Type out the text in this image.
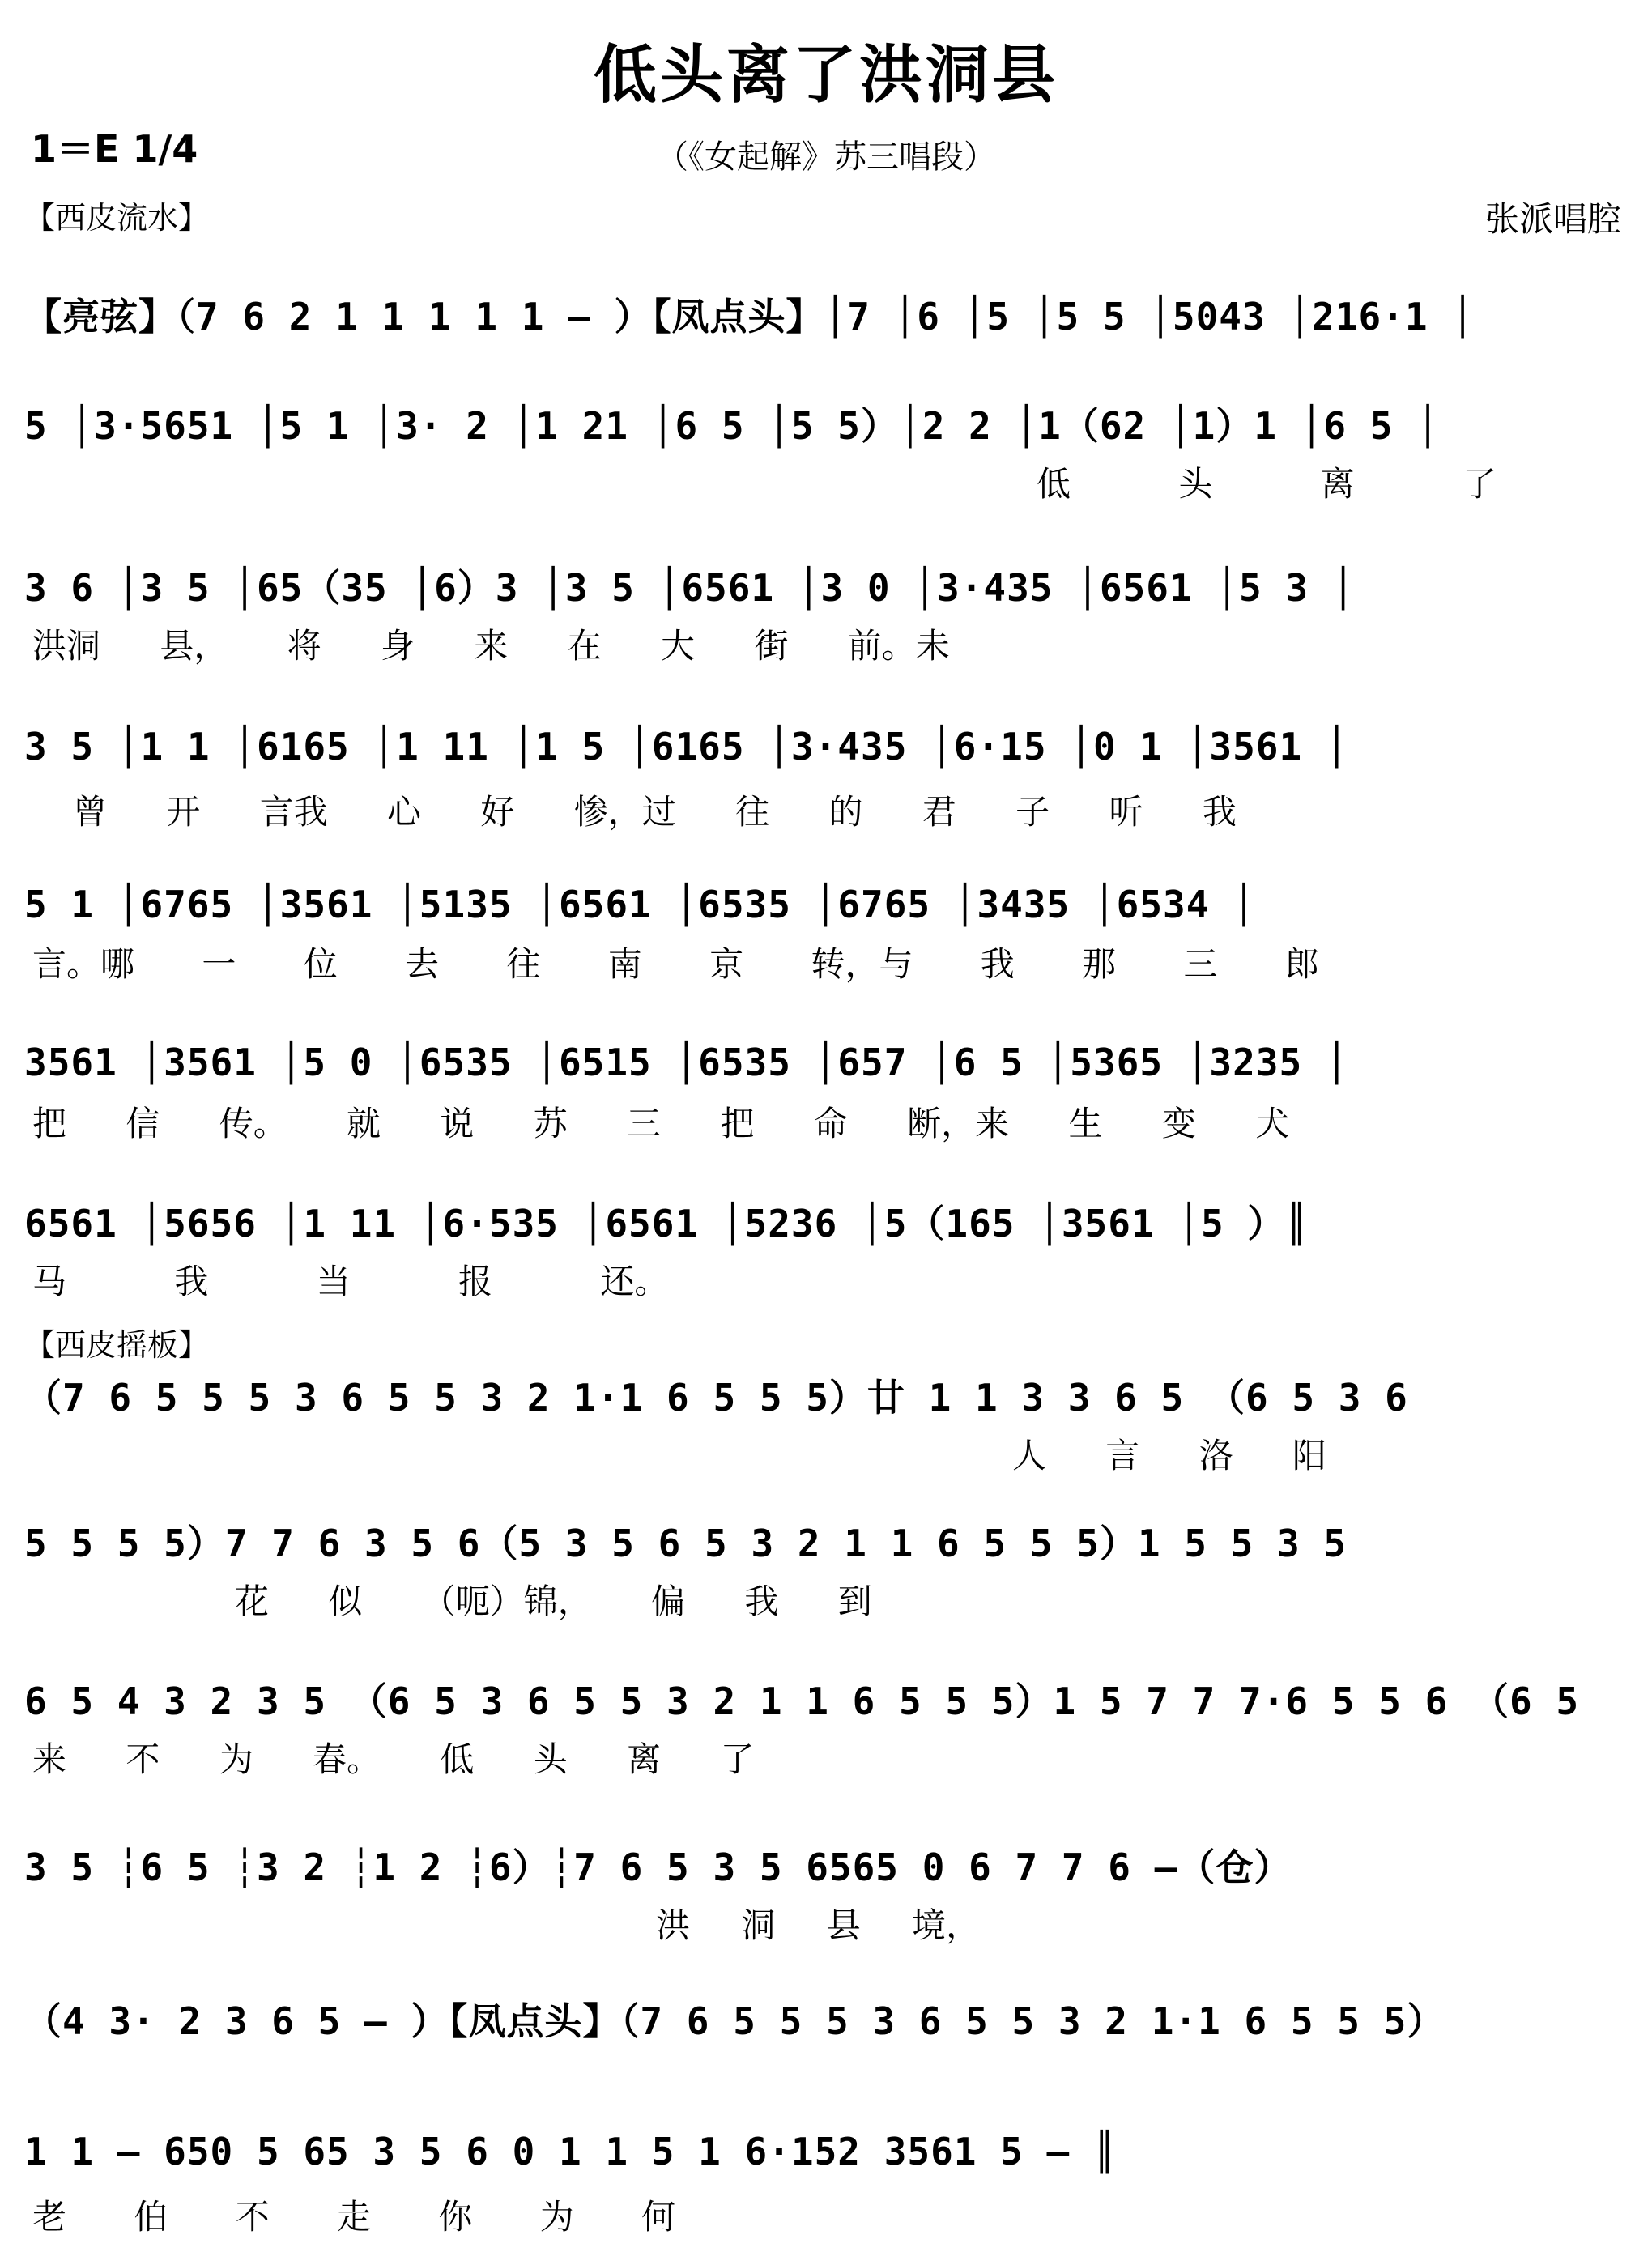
低头离了洪洞县
1＝E 1/4	（《女起解》苏三唱段）
【西皮流水】	张派唱腔
【亮弦】（7 6 2 1 1 1 1 1 – ）【凤点头】│7 │6 │5 │5 5 │5043 │216·1 │
5 │3·5651 │5 1 │3· 2 │1 21 │6 5 │5 5）│2 2 │1（62 │1）1 │6 5 │
低 头 离 了
3 6 │3 5 │65（35 │6）3 │3 5 │6561 │3 0 │3·435 │6561 │5 3 │
洪洞 县， 将 身 来 在 大 街 前。未
3 5 │1 1 │6165 │1 11 │1 5 │6165 │3·435 │6·15 │0 1 │3561 │
曾 开 言我 心 好 惨，过 往 的 君 子 听 我
5 1 │6765 │3561 │5135 │6561 │6535 │6765 │3435 │6534 │
言。哪 一 位 去 往 南 京 转，与 我 那 三 郎
3561 │3561 │5 0 │6535 │6515 │6535 │657 │6 5 │5365 │3235 │
把 信 传。 就 说 苏 三 把 命 断，来 生 变 犬
6561 │5656 │1 11 │6·535 │6561 │5236 │5（165 │3561 │5 ）║
马 我 当 报 还。
【西皮摇板】
（7 6 5 5 5 3 6 5 5 3 2 1·1 6 5 5 5）廿 1 1 3 3 6 5 （6 5 3 6
人 言 洛 阳
5 5 5 5）7 7 6 3 5 6（5 3 5 6 5 3 2 1 1 6 5 5 5）1 5 5 3 5
花 似 （呃）锦， 偏 我 到
6 5 4 3 2 3 5 （6 5 3 6 5 5 3 2 1 1 6 5 5 5）1 5 7 7 7·6 5 5 6 （6 5
来 不 为 春。 低 头 离 了
3 5 ┆6 5 ┆3 2 ┆1 2 ┆6）┆7 6 5 3 5 6565 0 6 7 7 6 –（仓）
洪 洞 县 境，
（4 3· 2 3 6 5 – ）【凤点头】（7 6 5 5 5 3 6 5 5 3 2 1·1 6 5 5 5）
1 1 – 650 5 65 3 5 6 0 1 1 5 1 6·152 3561 5 – ║
老 伯 不 走 你 为 何
